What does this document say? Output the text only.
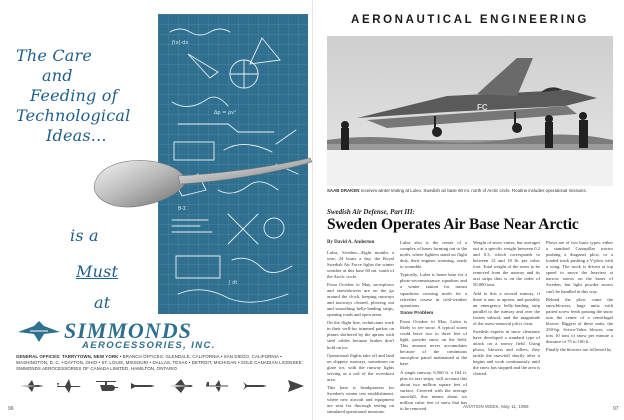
The Care
and
Feeding of
Technological
Ideas...
ƒ(x)·dx
Δp = ρv²
θ-Σ
∫ dt
is a
Must
at
SIMMONDS
AEROCESSORIES, INC.
GENERAL OFFICES: TARRYTOWN, NEW YORK • BRANCH OFFICES: GLENDALE, CALIFORNIA • SAN DIEGO, CALIFORNIA • WASHINGTON, D. C. • DAYTON, OHIO • ST. LOUIS, MISSOURI • DALLAS, TEXAS • DETROIT, MICHIGAN • SOLE CANADIAN LICENSEE: SIMMONDS AEROCESSORIES OF CANADA LIMITED, HAMILTON, ONTARIO
96
AERONAUTICAL ENGINEERING
FC
SAAB DRAKEN receives winter testing at Luleo. Swedish air base 60 mi. north of Arctic circle. Routine includes operational missions.
Swedish Air Defense, Part III:
Sweden Operates Air Base Near Arctic
By David A. Anderton

Lulea, Sweden—Eight months a year, 24 hours a day, the Royal Swedish Air Force fights the winter weather at this base 60 mi. south of the Arctic circle.

From October to May, snowplows and snowblowers are on the go around the clock, keeping runways and taxiways cleared, plowing out and smoothing belly-landing strips, opening roads and open areas.

On the flight line, technicians work in their well-fur trimmed parkas on planes sheltered by the aprons with steel cables because brakes don't hold on ice.

Operational flights take off and land on slippery runways, sometimes on glare ice, with the runway lights serving as a rod of the overshoot area.

This base is headquarters for Sweden's winter test establishment, where new aircraft and equipment are sent for thorough testing on simulated operational missions.

Lulea also is the center of a complex of bases forming out to the north, where fighters stand on flight duty, their engines warming, ready to scramble.

Typically, Lulea is home base for a photo-reconnaissance squadron and a winter station for transit squadrons crossing north for a refresher course in cold-weather operations.

Snow Problem

From October to May, Lulea is likely to see snow. A typical storm could leave two to three feet of light, powder snow on the field. This amount never accumulates because of the continuous snowplow patrol maintained at the base.

A single runway, 6,560 ft. x 164 ft. plus its taxi strips, will account this about two million square feet of surface. Covered with the average snowfall, this means about six million cubic feet of snow that has to be removed.

Weight of snow varies, but averages out at a specific weight between 0.2 and 0.3, which corresponds to between 12 and 18 lb. per cubic foot. Total weight of the snow to be removed from the runway and its taxi strips thus is on the order of 50,000 tons.

Add to this a second runway, if there is one, or aprons, and possibly an emergency belly-landing strip parallel to the runway and over the frozen subsoil, and the magnitude of the snow-removal job is clear.

Swedish experts in snow clearance have developed a standard type of attack on a snowy field. Using plows, blowers and rollers, they tackle the snowfall shortly after it begins and work continuously until the snow has stopped and the area is cleared.

Plows are of two basic types: either a standard Caterpillar tractor pushing a diagonal plow, or a loaded truck pushing a V-plow with a wing. The truck is driven at top speed to move the heaviest at narrow snows on the bases of Sweden, but light powder snows can't be handled in this way.

Behind the plow come the snowblowers, huge units with paired screw feeds passing the snow into the center of a centrifugal blower. Biggest of these units, the 250-hp. Sciwa-Vabis blower, can toss 10 tons of snow per minute a distance of 75 to 100 ft.

Finally the blowers are followed by

AVIATION WEEK, May 11, 1959	97
